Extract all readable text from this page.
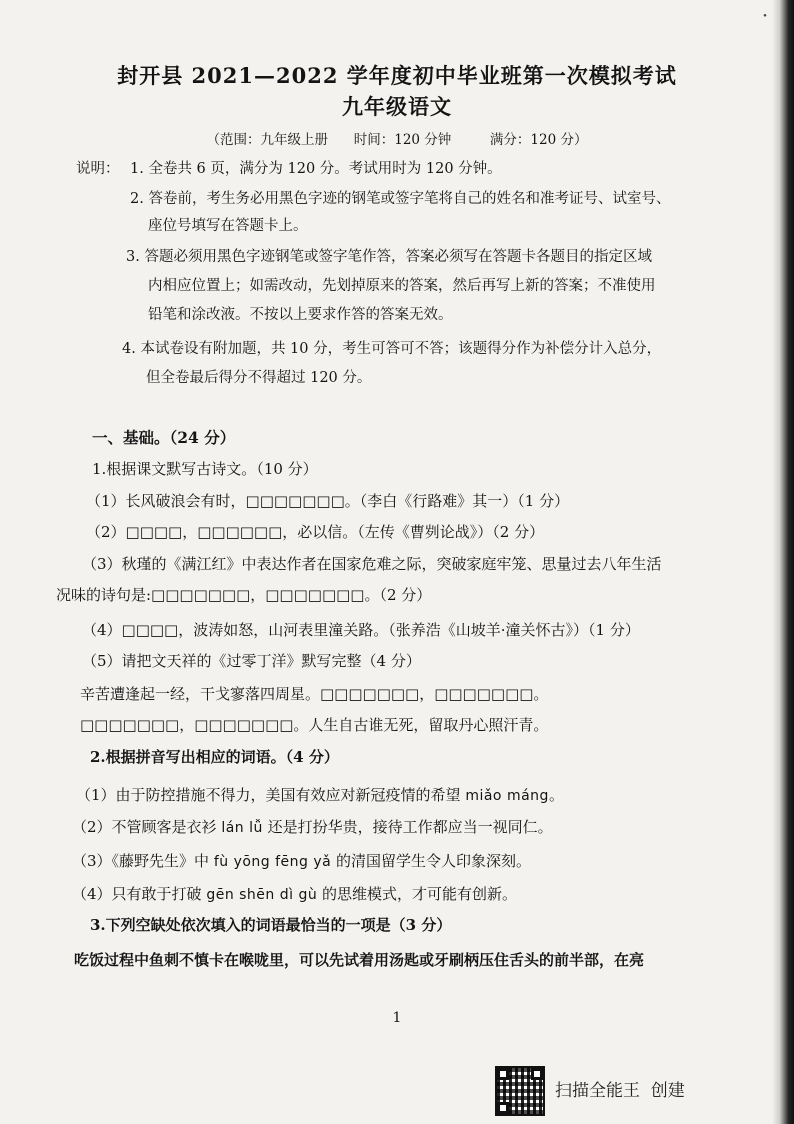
・
封开县 2021—2022 学年度初中毕业班第一次模拟考试
九年级语文
（范围：九年级上册      时间：120 分钟         满分：120 分）
说明： 1. 全卷共 6 页，满分为 120 分。考试用时为 120 分钟。
2. 答卷前，考生务必用黑色字迹的钢笔或签字笔将自己的姓名和准考证号、试室号、
座位号填写在答题卡上。
3. 答题必须用黑色字迹钢笔或签字笔作答，答案必须写在答题卡各题目的指定区域
内相应位置上；如需改动，先划掉原来的答案，然后再写上新的答案；不准使用
铅笔和涂改液。不按以上要求作答的答案无效。
4. 本试卷设有附加题，共 10 分，考生可答可不答；该题得分作为补偿分计入总分，
但全卷最后得分不得超过 120 分。
一、基础。（24 分）
1.根据课文默写古诗文。（10 分）
（1）长风破浪会有时，□□□□□□□。（李白《行路难》其一）（1 分）
（2）□□□□，□□□□□□，必以信。（左传《曹刿论战》）（2 分）
（3）秋瑾的《满江红》中表达作者在国家危难之际，突破家庭牢笼、思量过去八年生活
况味的诗句是:□□□□□□□，□□□□□□□。（2 分）
（4）□□□□，波涛如怒，山河表里潼关路。（张养浩《山坡羊·潼关怀古》）（1 分）
（5）请把文天祥的《过零丁洋》默写完整（4 分）
辛苦遭逢起一经，干戈寥落四周星。□□□□□□□，□□□□□□□。
□□□□□□□，□□□□□□□。人生自古谁无死，留取丹心照汗青。
2.根据拼音写出相应的词语。（4 分）
（1）由于防控措施不得力，美国有效应对新冠疫情的希望 miǎo máng。
（2）不管顾客是衣衫 lán lǚ 还是打扮华贵，接待工作都应当一视同仁。
（3）《藤野先生》中 fù yōng fēng yǎ 的清国留学生令人印象深刻。
（4）只有敢于打破 gēn shēn dì gù 的思维模式，才可能有创新。
3.下列空缺处依次填入的词语最恰当的一项是（3 分）
吃饭过程中鱼刺不慎卡在喉咙里，可以先试着用汤匙或牙刷柄压住舌头的前半部，在亮
1
扫描全能王  创建
